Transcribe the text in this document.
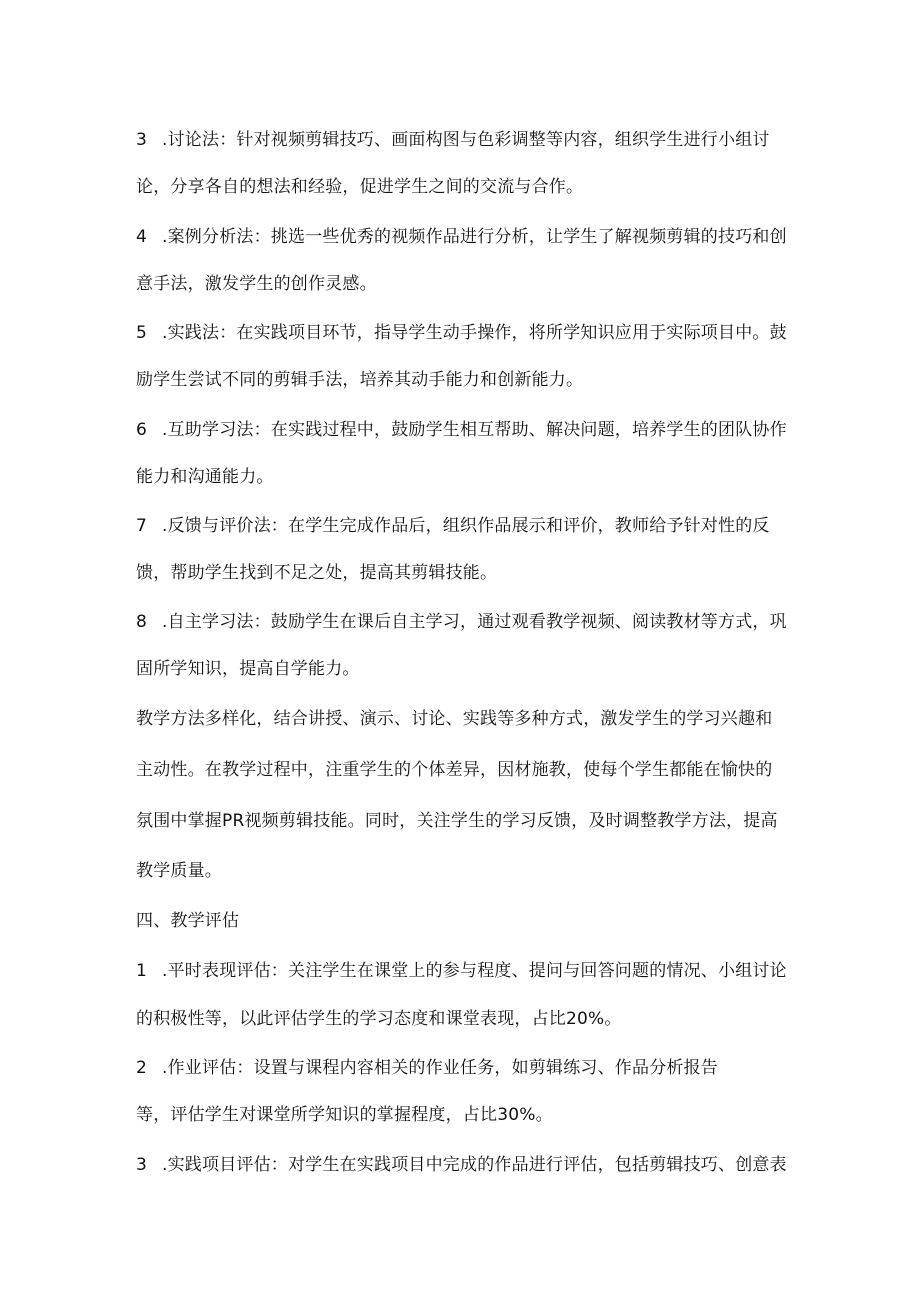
3 .讨论法：针对视频剪辑技巧、画面构图与色彩调整等内容，组织学生进行小组讨
论，分享各自的想法和经验，促进学生之间的交流与合作。
4 .案例分析法：挑选一些优秀的视频作品进行分析，让学生了解视频剪辑的技巧和创
意手法，激发学生的创作灵感。
5 .实践法：在实践项目环节，指导学生动手操作，将所学知识应用于实际项目中。鼓
励学生尝试不同的剪辑手法，培养其动手能力和创新能力。
6 .互助学习法：在实践过程中，鼓励学生相互帮助、解决问题，培养学生的团队协作
能力和沟通能力。
7 .反馈与评价法：在学生完成作品后，组织作品展示和评价，教师给予针对性的反
馈，帮助学生找到不足之处，提高其剪辑技能。
8 .自主学习法：鼓励学生在课后自主学习，通过观看教学视频、阅读教材等方式，巩
固所学知识，提高自学能力。
教学方法多样化，结合讲授、演示、讨论、实践等多种方式，激发学生的学习兴趣和
主动性。在教学过程中，注重学生的个体差异，因材施教，使每个学生都能在愉快的
氛围中掌握PR视频剪辑技能。同时，关注学生的学习反馈，及时调整教学方法，提高
教学质量。
四、教学评估
1 .平时表现评估：关注学生在课堂上的参与程度、提问与回答问题的情况、小组讨论
的积极性等，以此评估学生的学习态度和课堂表现，占比20%。
2 .作业评估：设置与课程内容相关的作业任务，如剪辑练习、作品分析报告
等，评估学生对课堂所学知识的掌握程度，占比30%。
3 .实践项目评估：对学生在实践项目中完成的作品进行评估，包括剪辑技巧、创意表
